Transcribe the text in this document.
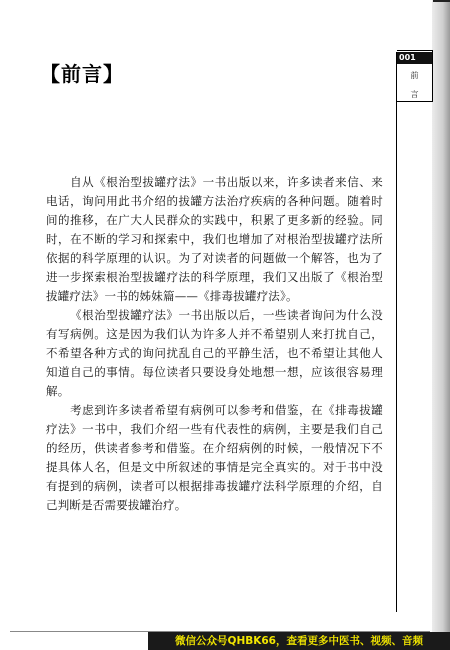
001
前
言
【前言】

自从《根治型拔罐疗法》一书出版以来，许多读者来信、来电话，询问用此书介绍的拔罐方法治疗疾病的各种问题。随着时间的推移，在广大人民群众的实践中，积累了更多新的经验。同时，在不断的学习和探索中，我们也增加了对根治型拔罐疗法所依据的科学原理的认识。为了对读者的问题做一个解答，也为了进一步探索根治型拔罐疗法的科学原理，我们又出版了《根治型拔罐疗法》一书的姊妹篇——《排毒拔罐疗法》。

《根治型拔罐疗法》一书出版以后，一些读者询问为什么没有写病例。这是因为我们认为许多人并不希望别人来打扰自己，不希望各种方式的询问扰乱自己的平静生活，也不希望让其他人知道自己的事情。每位读者只要设身处地想一想，应该很容易理解。

考虑到许多读者希望有病例可以参考和借鉴，在《排毒拔罐疗法》一书中，我们介绍一些有代表性的病例，主要是我们自己的经历，供读者参考和借鉴。在介绍病例的时候，一般情况下不提具体人名，但是文中所叙述的事情是完全真实的。对于书中没有提到的病例，读者可以根据排毒拔罐疗法科学原理的介绍，自己判断是否需要拔罐治疗。

微信公众号QHBK66，查看更多中医书、视频、音频
